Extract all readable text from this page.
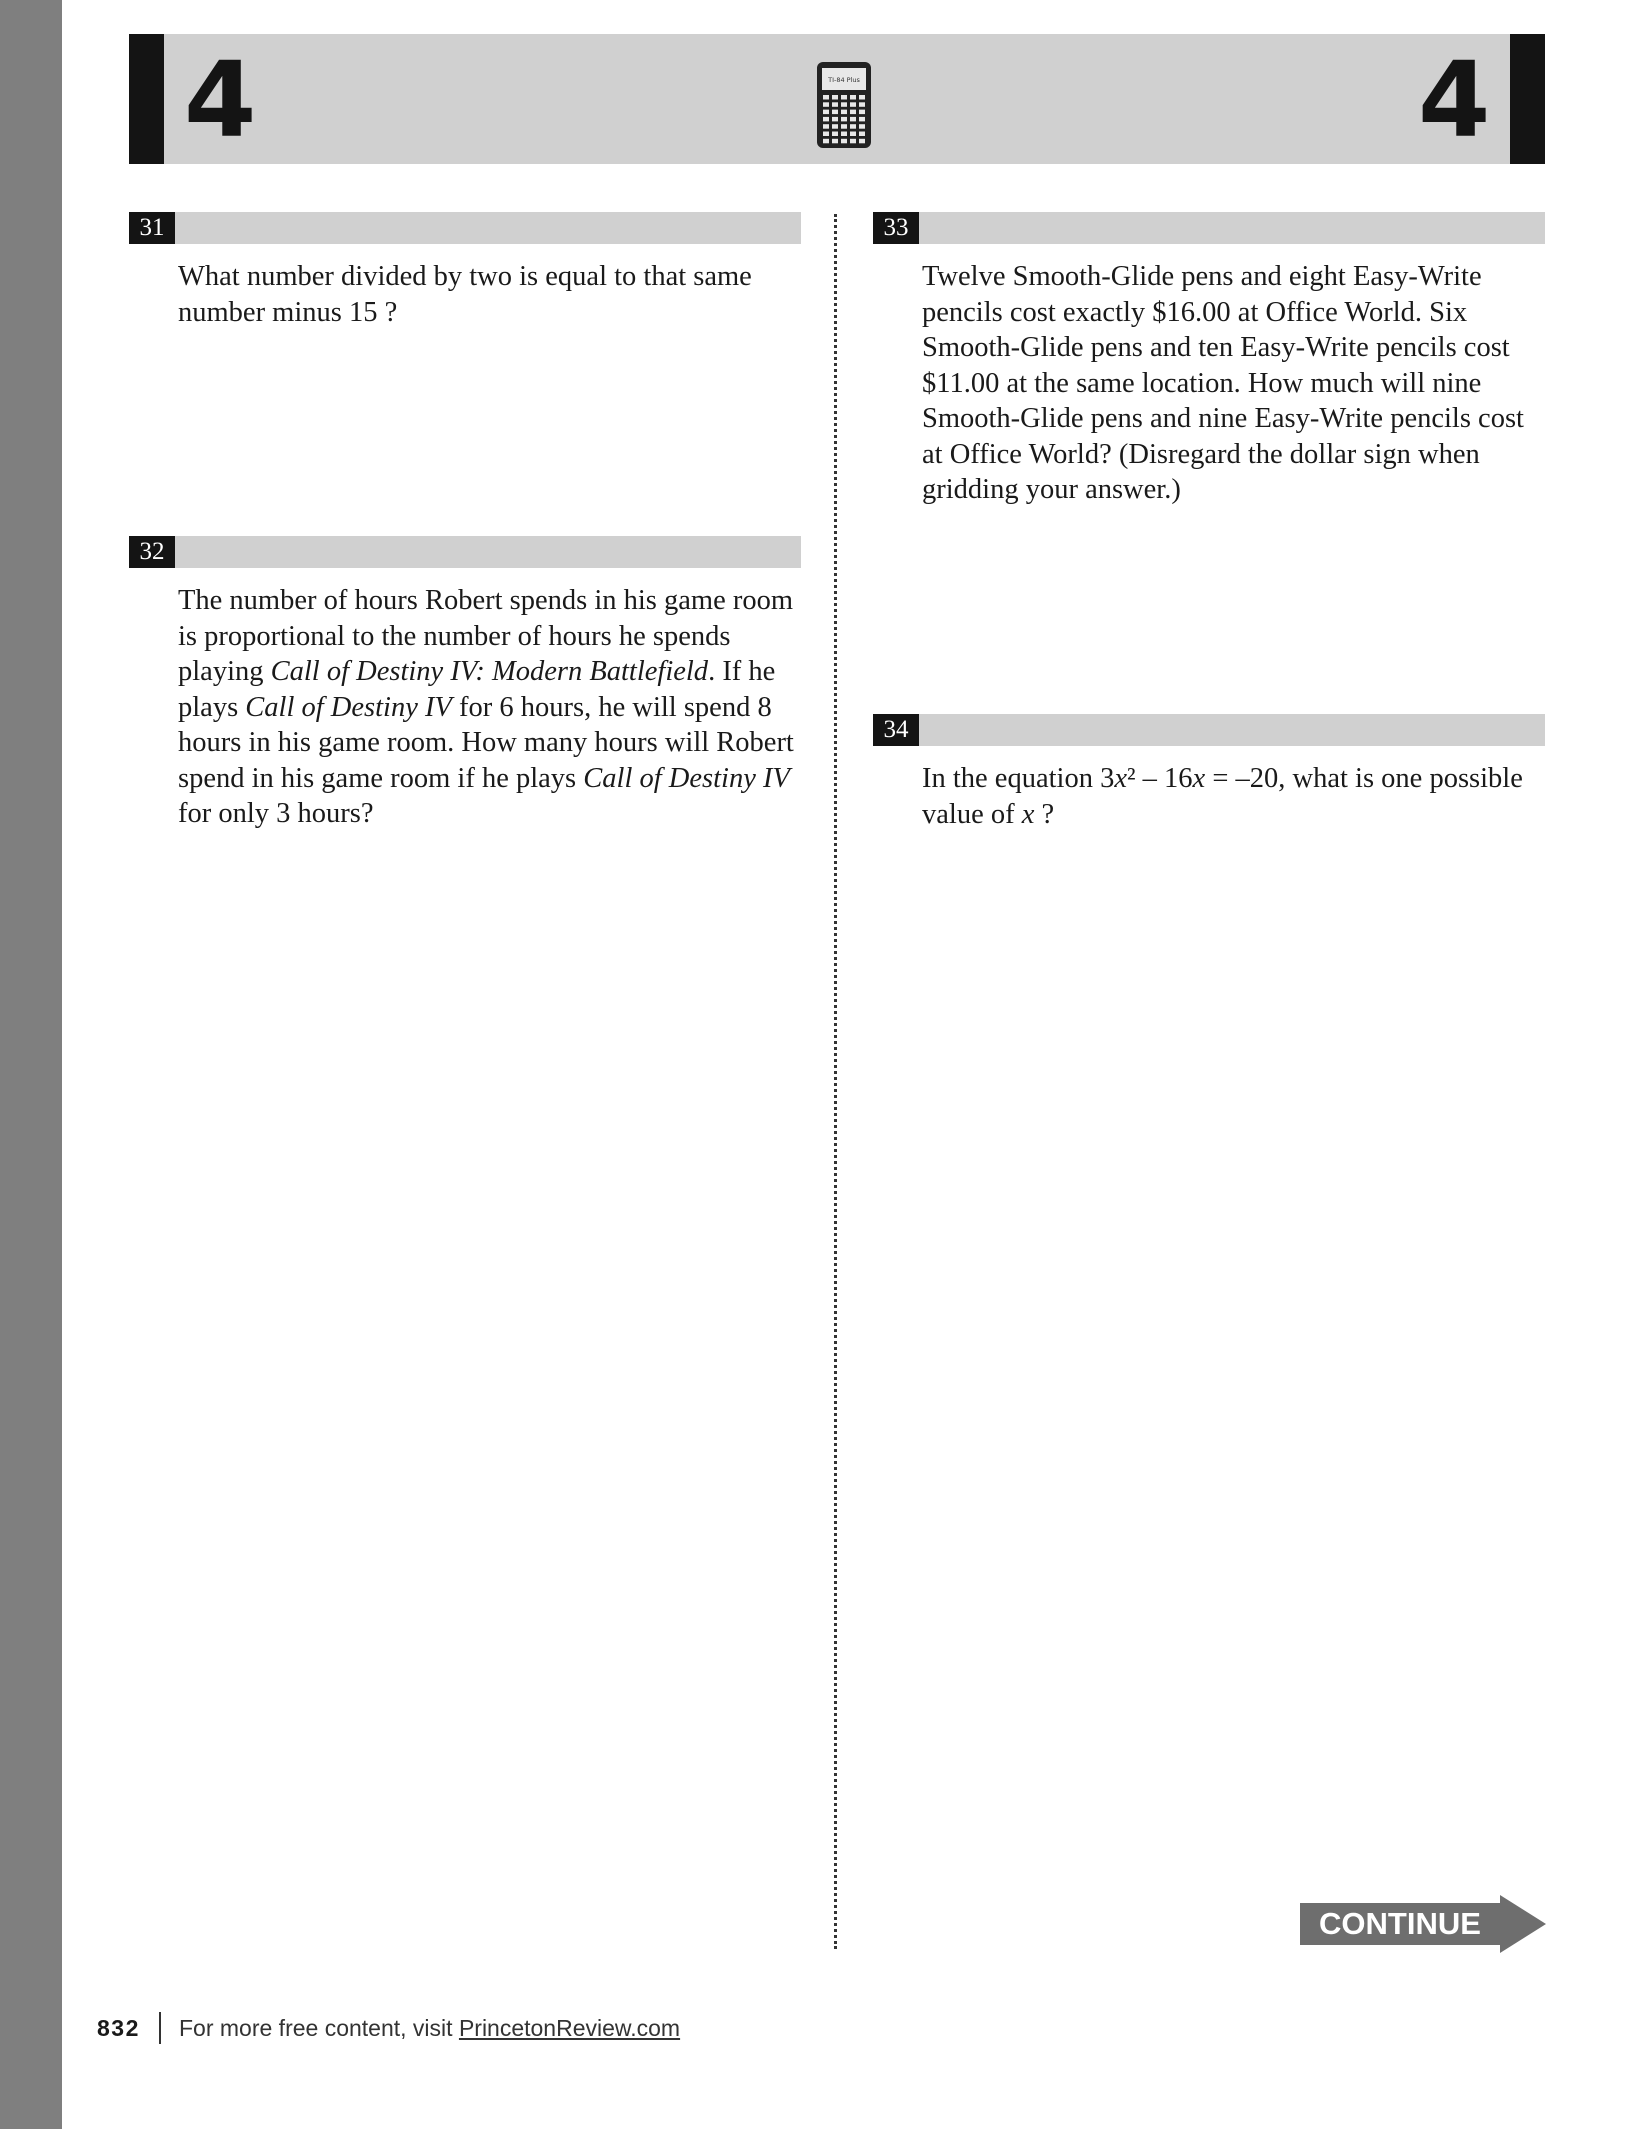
4	4
TI-84 Plus
31

What number divided by two is equal to that same number minus 15 ?

32

The number of hours Robert spends in his game room is proportional to the number of hours he spends playing Call of Destiny IV: Modern Battlefield. If he plays Call of Destiny IV for 6 hours, he will spend 8 hours in his game room. How many hours will Robert spend in his game room if he plays Call of Destiny IV for only 3 hours?

33

Twelve Smooth-Glide pens and eight Easy-Write pencils cost exactly $16.00 at Office World. Six Smooth-Glide pens and ten Easy-Write pencils cost $11.00 at the same location. How much will nine Smooth-Glide pens and nine Easy-Write pencils cost at Office World? (Disregard the dollar sign when gridding your answer.)

34

In the equation 3x² – 16x = –20, what is one possible value of x ?

CONTINUE
832 For more free content, visit PrincetonReview.com
